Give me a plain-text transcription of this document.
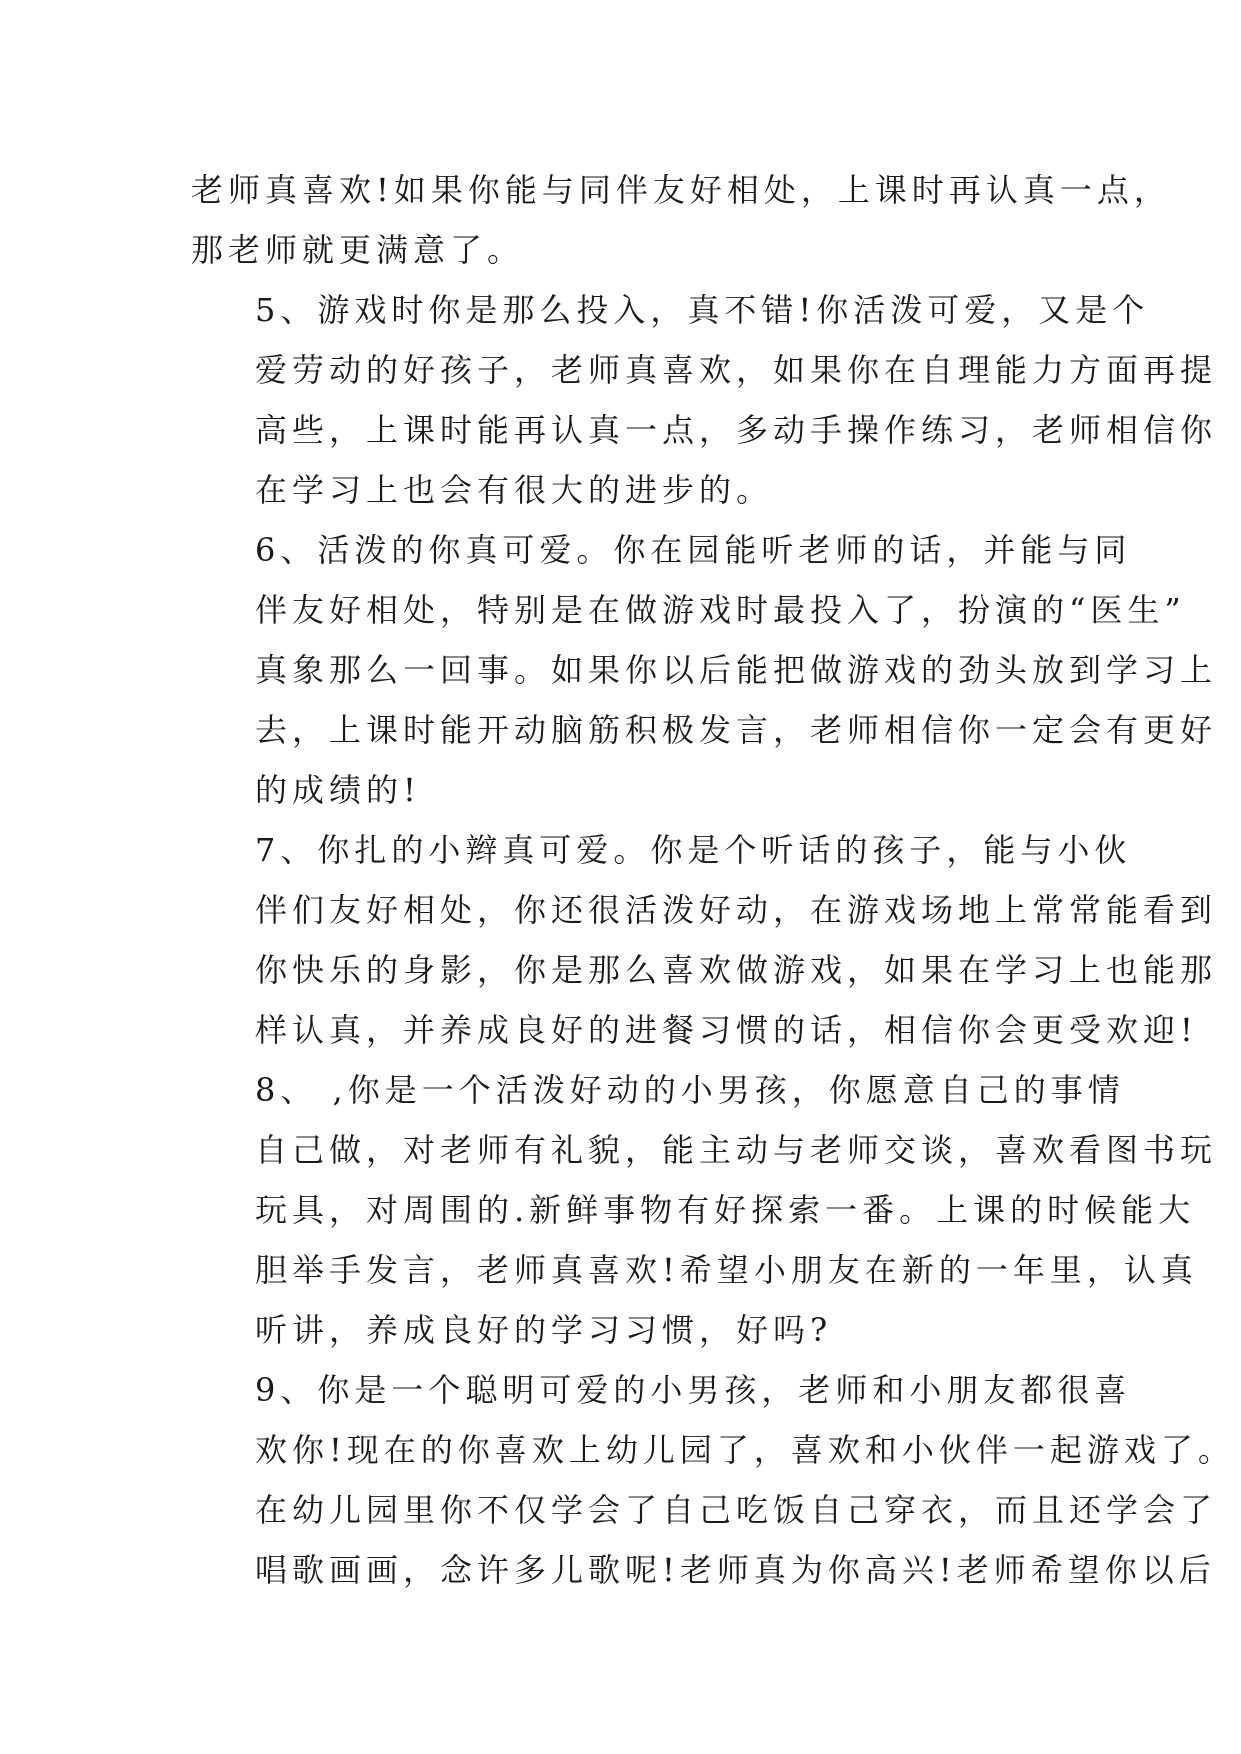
老师真喜欢!如果你能与同伴友好相处，上课时再认真一点，
那老师就更满意了。

5、游戏时你是那么投入，真不错!你活泼可爱，又是个
爱劳动的好孩子，老师真喜欢，如果你在自理能力方面再提
高些，上课时能再认真一点，多动手操作练习，老师相信你
在学习上也会有很大的进步的。

6、活泼的你真可爱。你在园能听老师的话，并能与同
伴友好相处，特别是在做游戏时最投入了，扮演的“医生”
真象那么一回事。如果你以后能把做游戏的劲头放到学习上
去，上课时能开动脑筋积极发言，老师相信你一定会有更好
的成绩的!

7、你扎的小辫真可爱。你是个听话的孩子，能与小伙
伴们友好相处，你还很活泼好动，在游戏场地上常常能看到
你快乐的身影，你是那么喜欢做游戏，如果在学习上也能那
样认真，并养成良好的进餐习惯的话，相信你会更受欢迎!

8、 ,你是一个活泼好动的小男孩，你愿意自己的事情
自己做，对老师有礼貌，能主动与老师交谈，喜欢看图书玩
玩具，对周围的.新鲜事物有好探索一番。上课的时候能大
胆举手发言，老师真喜欢!希望小朋友在新的一年里，认真
听讲，养成良好的学习习惯，好吗?

9、你是一个聪明可爱的小男孩，老师和小朋友都很喜
欢你!现在的你喜欢上幼儿园了，喜欢和小伙伴一起游戏了。
在幼儿园里你不仅学会了自己吃饭自己穿衣，而且还学会了
唱歌画画，念许多儿歌呢!老师真为你高兴!老师希望你以后
